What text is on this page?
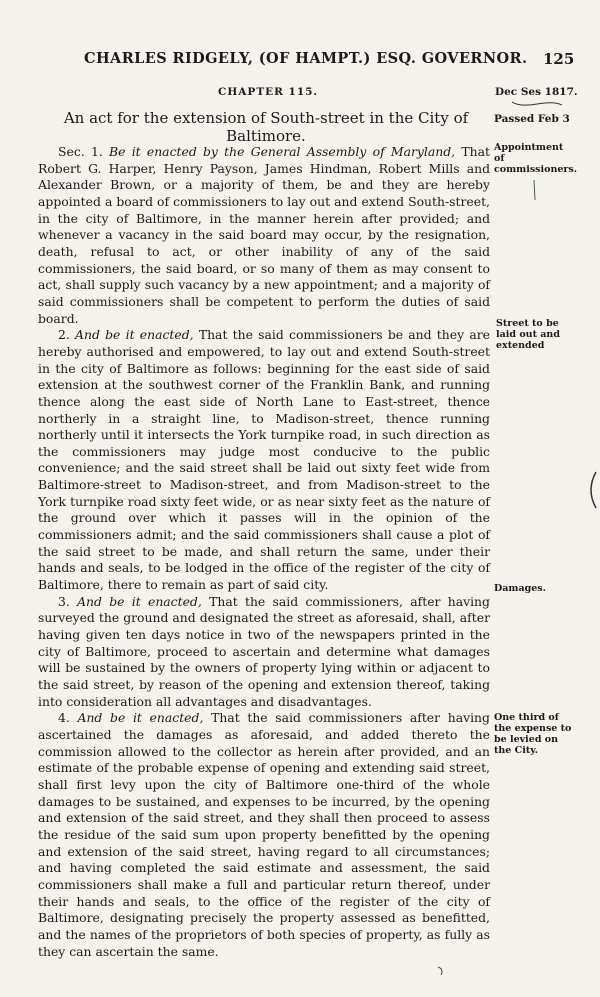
CHARLES RIDGELY, (OF HAMPT.) ESQ. GOVERNOR. 125
CHAPTER 115.	Dec Ses 1817.
Passed Feb 3
An act for the extension of South-street in the City of Baltimore.

Sec. 1. Be it enacted by the General Assembly of Maryland, That Robert G. Harper, Henry Payson, James Hindman, Robert Mills and Alexander Brown, or a majority of them, be and they are hereby appointed a board of commissioners to lay out and extend South-street, in the city of Baltimore, in the manner herein after provided; and whenever a vacancy in the said board may occur, by the resignation, death, refusal to act, or other inability of any of the said commissioners, the said board, or so many of them as may consent to act, shall supply such vacancy by a new appointment; and a majority of said commissioners shall be competent to perform the duties of said board.

2. And be it enacted, That the said commissioners be and they are hereby authorised and empowered, to lay out and extend South-street in the city of Baltimore as follows: beginning for the east side of said extension at the southwest corner of the Franklin Bank, and running thence along the east side of North Lane to East-street, thence northerly in a straight line, to Madison-street, thence running northerly until it intersects the York turnpike road, in such direction as the commissioners may judge most conducive to the public convenience; and the said street shall be laid out sixty feet wide from Baltimore-street to Madison-street, and from Madison-street to the York turnpike road sixty feet wide, or as near sixty feet as the nature of the ground over which it passes will in the opinion of the commissioners admit; and the said commissioners shall cause a plot of the said street to be made, and shall return the same, under their hands and seals, to be lodged in the office of the register of the city of Baltimore, there to remain as part of said city.

3. And be it enacted, That the said commissioners, after having surveyed the ground and designated the street as aforesaid, shall, after having given ten days notice in two of the newspapers printed in the city of Baltimore, proceed to ascertain and determine what damages will be sustained by the owners of property lying within or adjacent to the said street, by reason of the opening and extension thereof, taking into consideration all advantages and disadvantages.

4. And be it enacted, That the said commissioners after having ascertained the damages as aforesaid, and added thereto the commission allowed to the collector as herein after provided, and an estimate of the probable expense of opening and extending said street, shall first levy upon the city of Baltimore one-third of the whole damages to be sustained, and expenses to be incurred, by the opening and extension of the said street, and they shall then proceed to assess the residue of the said sum upon property benefitted by the opening and extension of the said street, having regard to all circumstances; and having completed the said estimate and assessment, the said commissioners shall make a full and particular return thereof, under their hands and seals, to the office of the register of the city of Baltimore, designating precisely the property assessed as benefitted, and the names of the proprietors of both species of property, as fully as they can ascertain the same.

Appointment of commissioners.
Street to be laid out and extended
Damages.
One third of the expense to be levied on the City.
